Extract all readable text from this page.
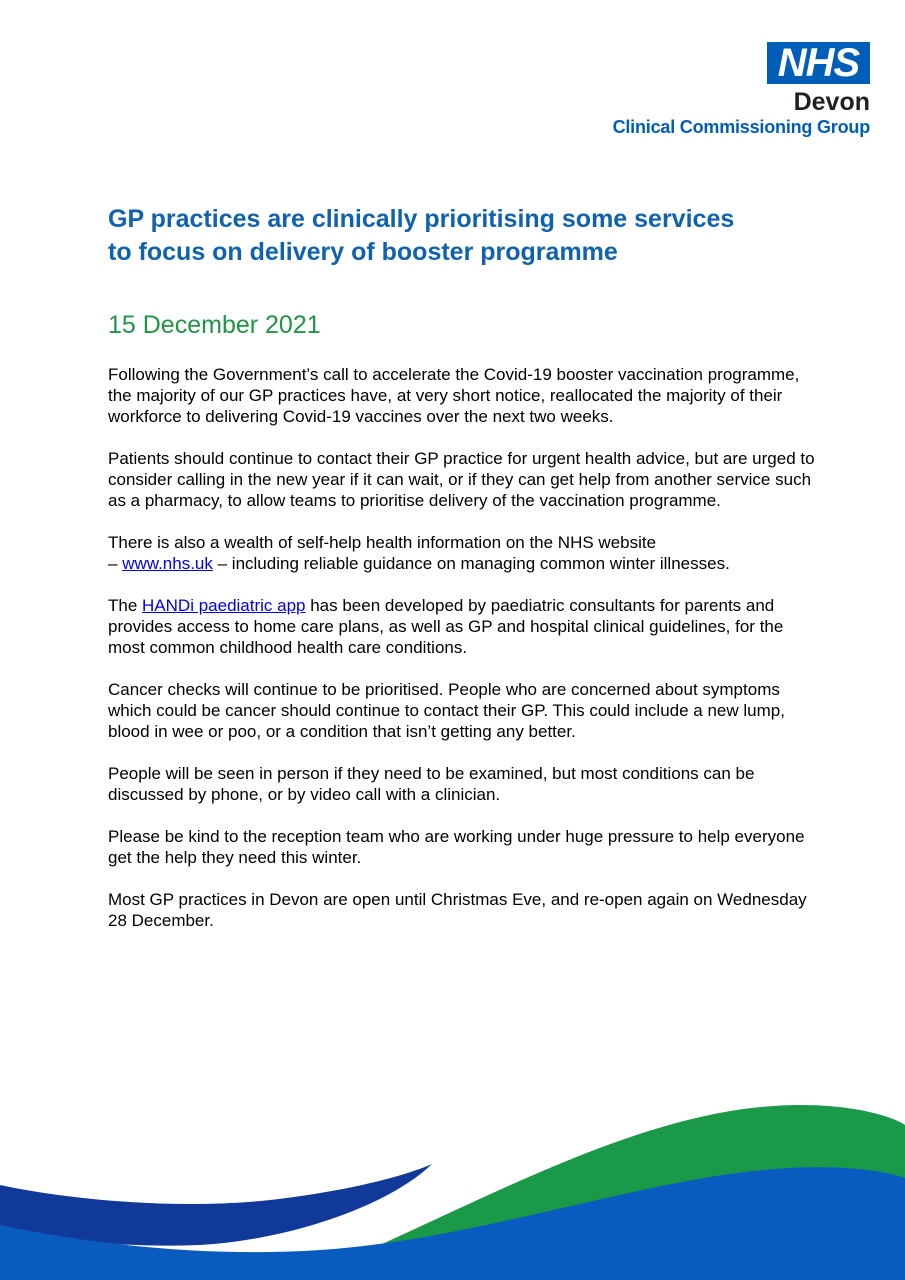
NHS
Devon
Clinical Commissioning Group
GP practices are clinically prioritising some services
to focus on delivery of booster programme
15 December 2021

Following the Government’s call to accelerate the Covid-19 booster vaccination programme, the majority of our GP practices have, at very short notice, reallocated the majority of their workforce to delivering Covid-19 vaccines over the next two weeks.

Patients should continue to contact their GP practice for urgent health advice, but are urged to consider calling in the new year if it can wait, or if they can get help from another service such as a pharmacy, to allow teams to prioritise delivery of the vaccination programme.

There is also a wealth of self-help health information on the NHS website
– www.nhs.uk – including reliable guidance on managing common winter illnesses.

The HANDi paediatric app has been developed by paediatric consultants for parents and provides access to home care plans, as well as GP and hospital clinical guidelines, for the most common childhood health care conditions.

Cancer checks will continue to be prioritised. People who are concerned about symptoms which could be cancer should continue to contact their GP. This could include a new lump, blood in wee or poo, or a condition that isn’t getting any better.

People will be seen in person if they need to be examined, but most conditions can be discussed by phone, or by video call with a clinician.

Please be kind to the reception team who are working under huge pressure to help everyone get the help they need this winter.

Most GP practices in Devon are open until Christmas Eve, and re-open again on Wednesday 28 December.
